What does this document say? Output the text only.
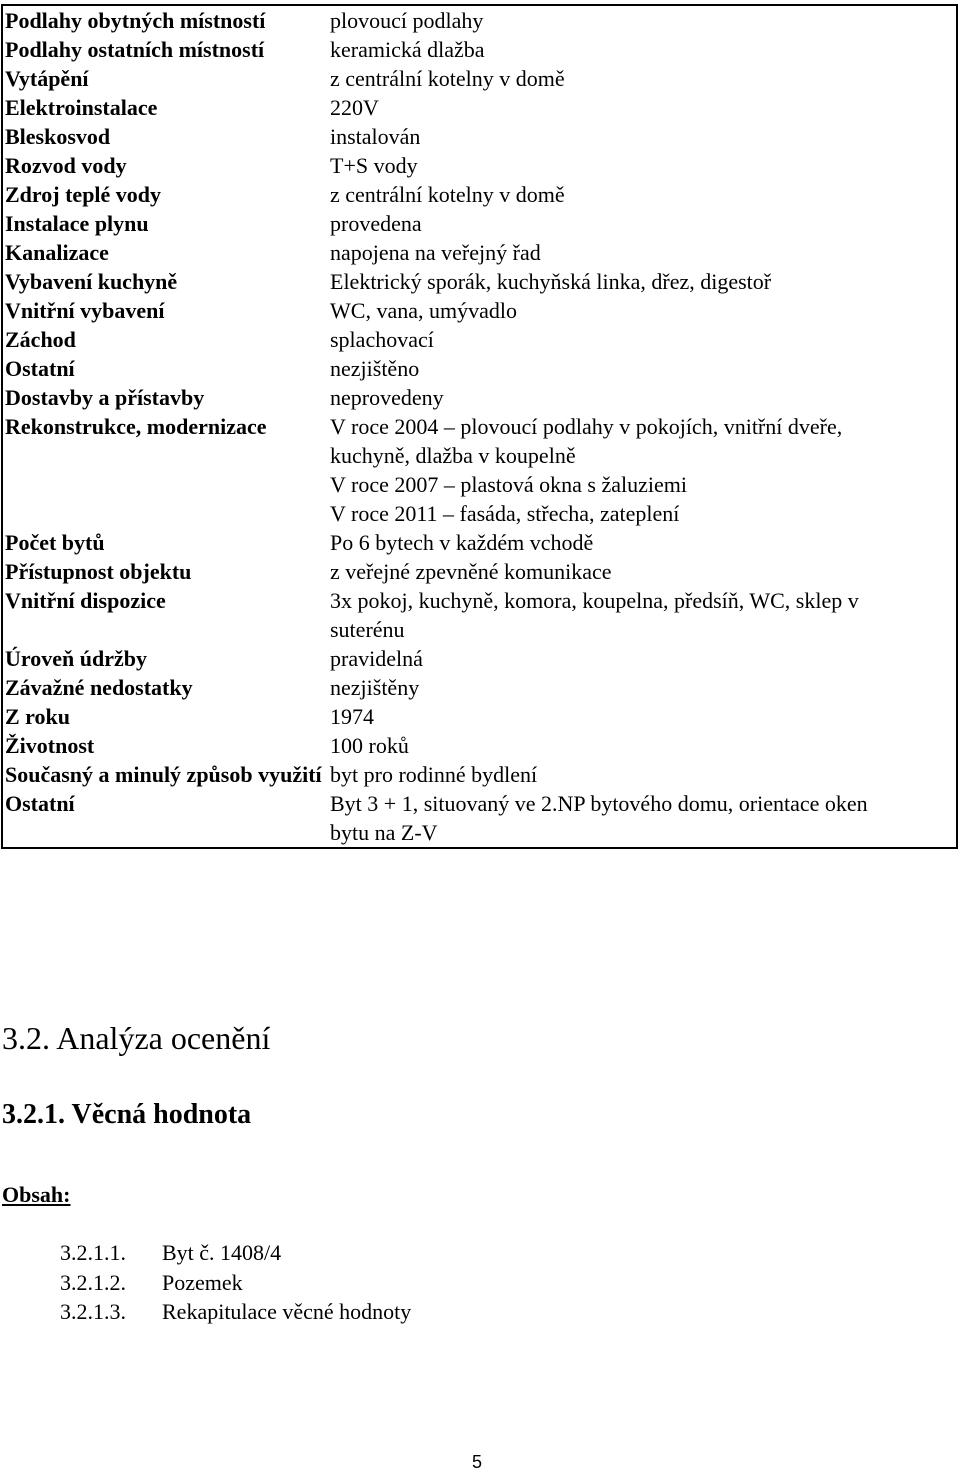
Podlahy obytných místností	plovoucí podlahy

Podlahy ostatních místností	keramická dlažba

Vytápění	z centrální kotelny v domě

Elektroinstalace	220V

Bleskosvod	instalován

Rozvod vody	T+S vody

Zdroj teplé vody	z centrální kotelny v domě

Instalace plynu	provedena

Kanalizace	napojena na veřejný řad

Vybavení kuchyně	Elektrický sporák, kuchyňská linka, dřez, digestoř

Vnitřní vybavení	WC, vana, umývadlo

Záchod	splachovací

Ostatní	nezjištěno

Dostavby a přístavby	neprovedeny

Rekonstrukce, modernizace	V roce 2004 – plovoucí podlahy v pokojích, vnitřní dveře,
kuchyně, dlažba v koupelně
V roce 2007 – plastová okna s žaluziemi
V roce 2011 – fasáda, střecha, zateplení

Počet bytů	Po 6 bytech v každém vchodě

Přístupnost objektu	z veřejné zpevněné komunikace

Vnitřní dispozice	3x pokoj, kuchyně, komora, koupelna, předsíň, WC, sklep v
suterénu

Úroveň údržby	pravidelná

Závažné nedostatky	nezjištěny

Z roku	1974

Životnost	100 roků

Současný a minulý způsob využití	byt pro rodinné bydlení

Ostatní	Byt 3 + 1, situovaný ve 2.NP bytového domu, orientace oken
bytu na Z-V
3.2. Analýza ocenění
3.2.1. Věcná hodnota
Obsah:
3.2.1.1. Byt č. 1408/4
3.2.1.2. Pozemek
3.2.1.3. Rekapitulace věcné hodnoty
5
